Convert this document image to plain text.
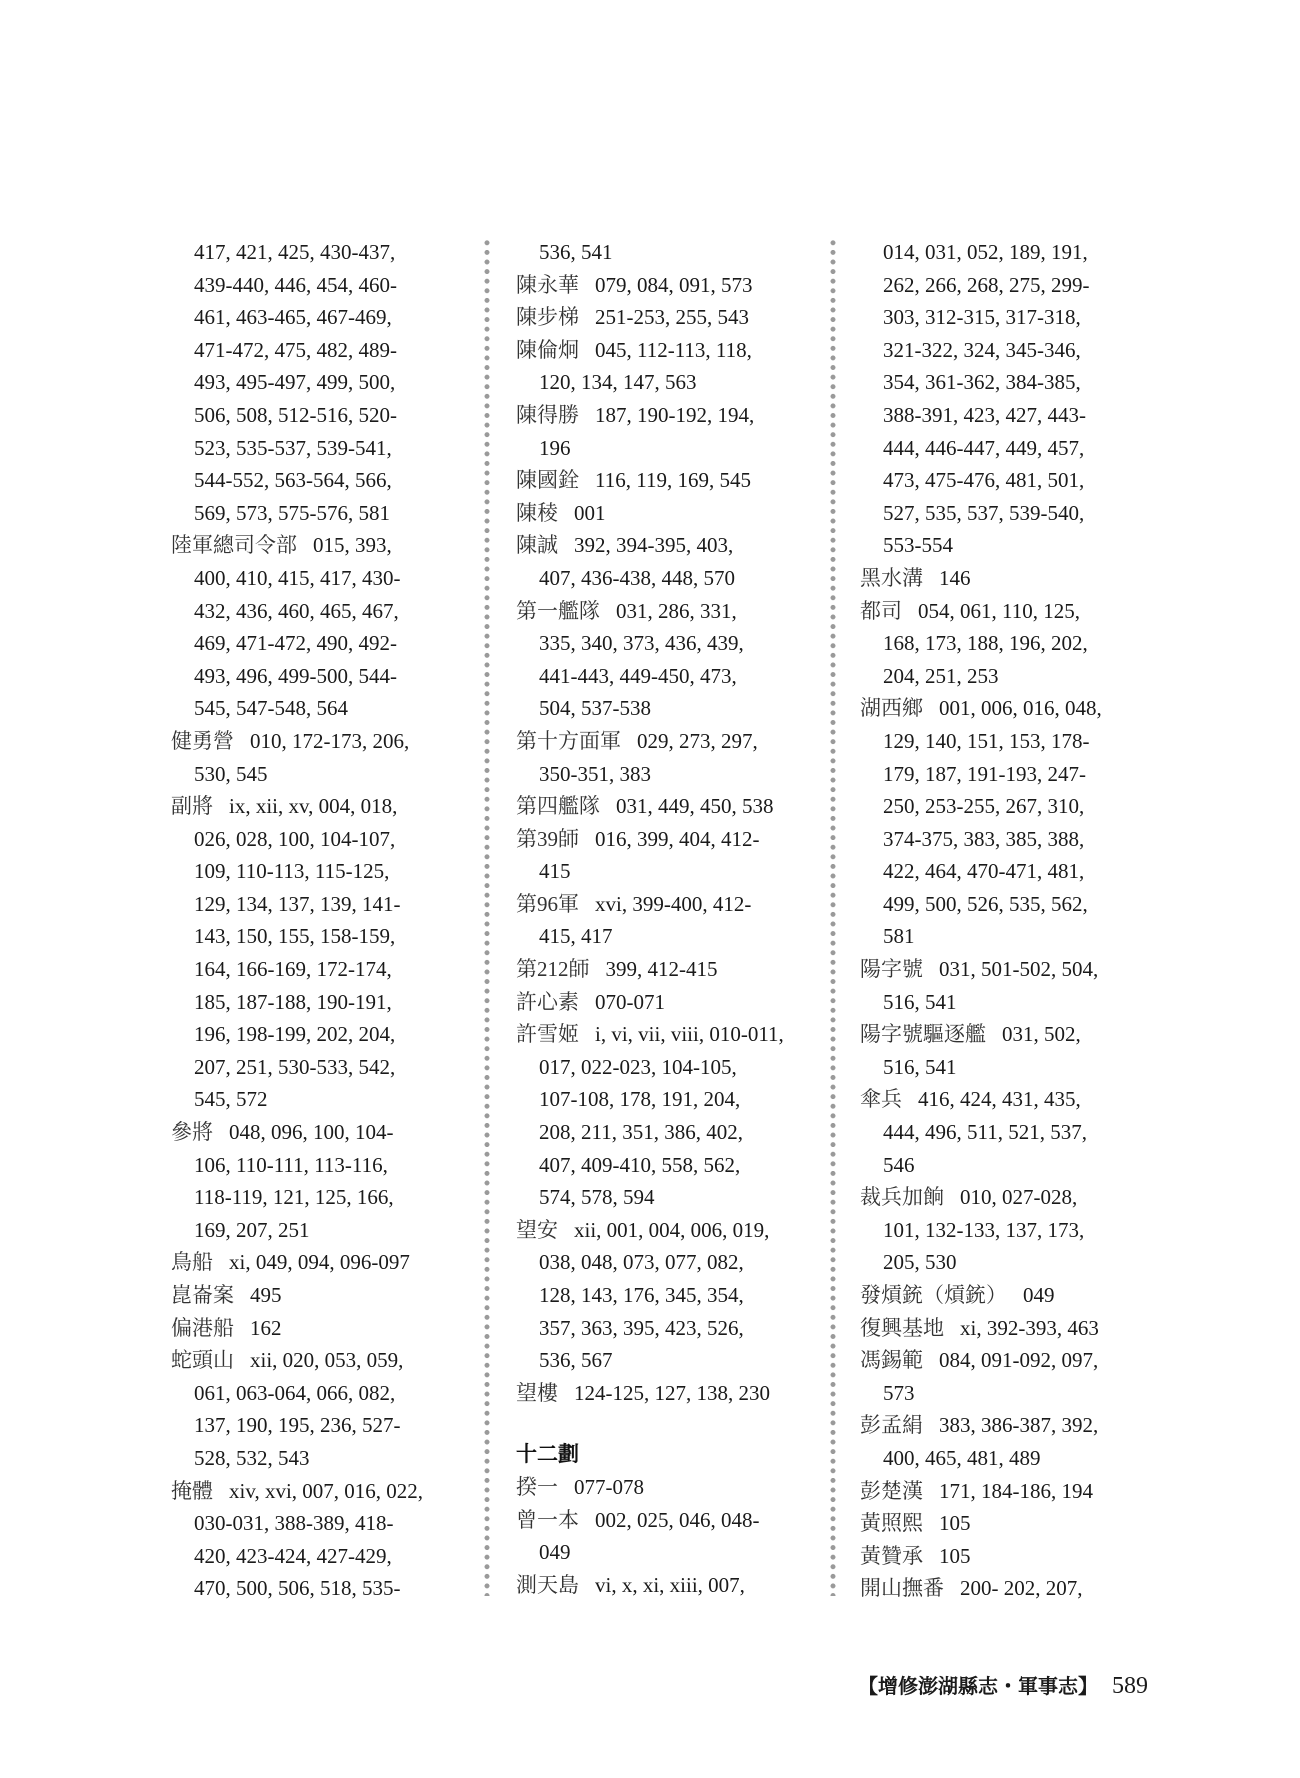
417, 421, 425, 430-437,
439-440, 446, 454, 460-
461, 463-465, 467-469,
471-472, 475, 482, 489-
493, 495-497, 499, 500,
506, 508, 512-516, 520-
523, 535-537, 539-541,
544-552, 563-564, 566,
569, 573, 575-576, 581
陸軍總司令部 015, 393,
400, 410, 415, 417, 430-
432, 436, 460, 465, 467,
469, 471-472, 490, 492-
493, 496, 499-500, 544-
545, 547-548, 564
健勇營 010, 172-173, 206,
530, 545
副將 ix, xii, xv, 004, 018,
026, 028, 100, 104-107,
109, 110-113, 115-125,
129, 134, 137, 139, 141-
143, 150, 155, 158-159,
164, 166-169, 172-174,
185, 187-188, 190-191,
196, 198-199, 202, 204,
207, 251, 530-533, 542,
545, 572
參將 048, 096, 100, 104-
106, 110-111, 113-116,
118-119, 121, 125, 166,
169, 207, 251
鳥船 xi, 049, 094, 096-097
崑崙案 495
偏港船 162
蛇頭山 xii, 020, 053, 059,
061, 063-064, 066, 082,
137, 190, 195, 236, 527-
528, 532, 543
掩體 xiv, xvi, 007, 016, 022,
030-031, 388-389, 418-
420, 423-424, 427-429,
470, 500, 506, 518, 535-
536, 541
陳永華 079, 084, 091, 573
陳步梯 251-253, 255, 543
陳倫炯 045, 112-113, 118,
120, 134, 147, 563
陳得勝 187, 190-192, 194,
196
陳國銓 116, 119, 169, 545
陳稜 001
陳誠 392, 394-395, 403,
407, 436-438, 448, 570
第一艦隊 031, 286, 331,
335, 340, 373, 436, 439,
441-443, 449-450, 473,
504, 537-538
第十方面軍 029, 273, 297,
350-351, 383
第四艦隊 031, 449, 450, 538
第39師 016, 399, 404, 412-
415
第96軍 xvi, 399-400, 412-
415, 417
第212師 399, 412-415
許心素 070-071
許雪姬 i, vi, vii, viii, 010-011,
017, 022-023, 104-105,
107-108, 178, 191, 204,
208, 211, 351, 386, 402,
407, 409-410, 558, 562,
574, 578, 594
望安 xii, 001, 004, 006, 019,
038, 048, 073, 077, 082,
128, 143, 176, 345, 354,
357, 363, 395, 423, 526,
536, 567
望樓 124-125, 127, 138, 230
十二劃
揆一 077-078
曾一本 002, 025, 046, 048-
049
測天島 vi, x, xi, xiii, 007,
014, 031, 052, 189, 191,
262, 266, 268, 275, 299-
303, 312-315, 317-318,
321-322, 324, 345-346,
354, 361-362, 384-385,
388-391, 423, 427, 443-
444, 446-447, 449, 457,
473, 475-476, 481, 501,
527, 535, 537, 539-540,
553-554
黑水溝 146
都司 054, 061, 110, 125,
168, 173, 188, 196, 202,
204, 251, 253
湖西鄉 001, 006, 016, 048,
129, 140, 151, 153, 178-
179, 187, 191-193, 247-
250, 253-255, 267, 310,
374-375, 383, 385, 388,
422, 464, 470-471, 481,
499, 500, 526, 535, 562,
581
陽字號 031, 501-502, 504,
516, 541
陽字號驅逐艦 031, 502,
516, 541
傘兵 416, 424, 431, 435,
444, 496, 511, 521, 537,
546
裁兵加餉 010, 027-028,
101, 132-133, 137, 173,
205, 530
發熕銃（熕銃） 049
復興基地 xi, 392-393, 463
馮錫範 084, 091-092, 097,
573
彭孟絹 383, 386-387, 392,
400, 465, 481, 489
彭楚漢 171, 184-186, 194
黃照熙 105
黃贊承 105
開山撫番 200- 202, 207,
【增修澎湖縣志・軍事志】 589
